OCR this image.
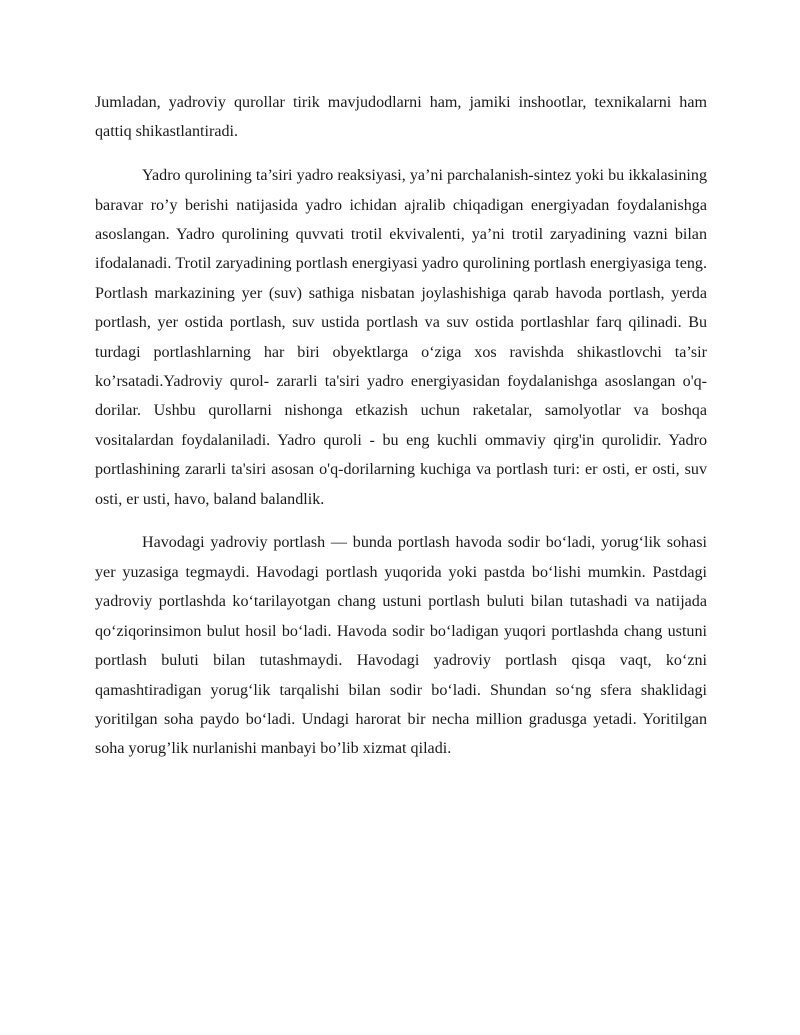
Jumladan, yadroviy qurollar tirik mavjudodlarni ham, jamiki inshootlar, texnikalarni ham qattiq shikastlantiradi.

Yadro qurolining ta’siri yadro reaksiyasi, ya’ni parchalanish-sintez yoki bu ikkalasining baravar ro’y berishi natijasida yadro ichidan ajralib chiqadigan energiyadan foydalanishga asoslangan. Yadro qurolining quvvati trotil ekvivalenti, ya’ni trotil zaryadining vazni bilan ifodalanadi. Trotil zaryadining portlash energiyasi yadro qurolining portlash energiyasiga teng. Portlash markazining yer (suv) sathiga nisbatan joylashishiga qarab havoda portlash, yerda portlash, yer ostida portlash, suv ustida portlash va suv ostida portlashlar farq qilinadi. Bu turdagi portlashlarning har biri obyektlarga o‘ziga xos ravishda shikastlovchi ta’sir ko’rsatadi.Yadroviy qurol- zararli ta'siri yadro energiyasidan foydalanishga asoslangan o'q-dorilar. Ushbu qurollarni nishonga etkazish uchun raketalar, samolyotlar va boshqa vositalardan foydalaniladi. Yadro quroli - bu eng kuchli ommaviy qirg'in qurolidir. Yadro portlashining zararli ta'siri asosan o'q-dorilarning kuchiga va portlash turi: er osti, er osti, suv osti, er usti, havo, baland balandlik.

Havodagi yadroviy portlash — bunda portlash havoda sodir bo‘ladi, yorug‘lik sohasi yer yuzasiga tegmaydi. Havodagi portlash yuqorida yoki pastda bo‘lishi mumkin. Pastdagi yadroviy portlashda ko‘tarilayotgan chang ustuni portlash buluti bilan tutashadi va natijada qo‘ziqorinsimon bulut hosil bo‘ladi. Havoda sodir bo‘ladigan yuqori portlashda chang ustuni portlash buluti bilan tutashmaydi. Havodagi yadroviy portlash qisqa vaqt, ko‘zni qamashtiradigan yorug‘lik tarqalishi bilan sodir bo‘ladi. Shundan so‘ng sfera shaklidagi yoritilgan soha paydo bo‘ladi. Undagi harorat bir necha million gradusga yetadi. Yoritilgan soha yorug’lik nurlanishi manbayi bo’lib xizmat qiladi.
